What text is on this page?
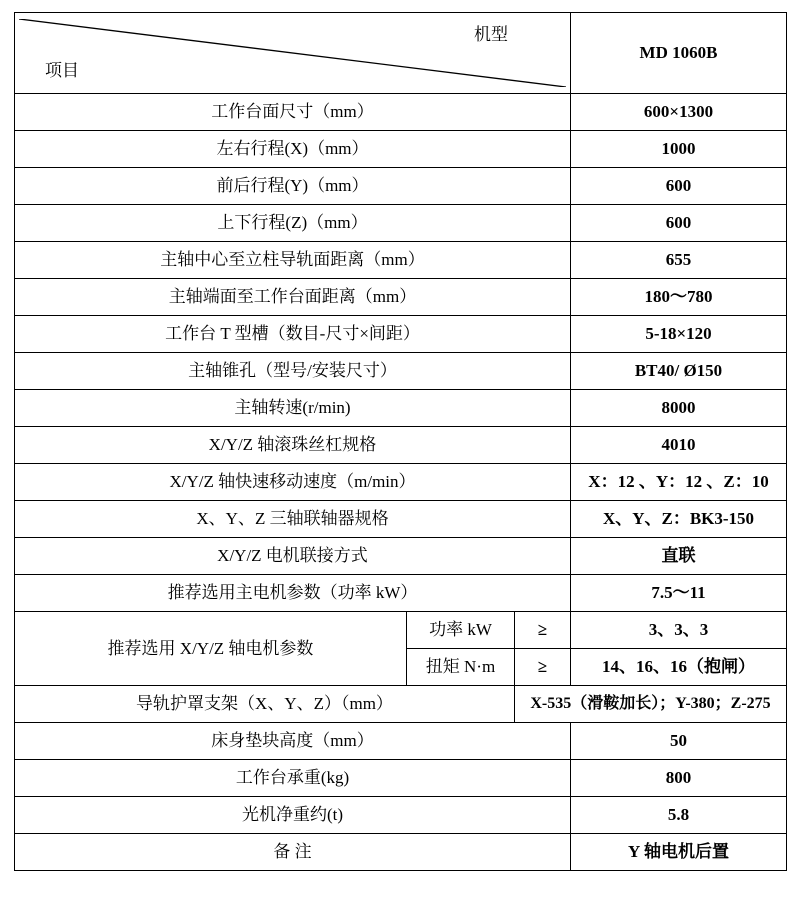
机型
项目			MD 1060B
工作台面尺寸（mm）			600×1300
左右行程(X)（mm）			1000
前后行程(Y)（mm）			600
上下行程(Z)（mm）			600
主轴中心至立柱导轨面距离（mm）			655
主轴端面至工作台面距离（mm）			180～780
工作台 T 型槽（数目-尺寸×间距）			5-18×120
主轴锥孔（型号/安装尺寸）			BT40/ Ø150
主轴转速(r/min)			8000
X/Y/Z 轴滚珠丝杠规格			4010
X/Y/Z 轴快速移动速度（m/min）			X：12 、Y：12 、Z：10
X、Y、Z 三轴联轴器规格			X、Y、Z：BK3-150
X/Y/Z 电机联接方式			直联
推荐选用主电机参数（功率 kW）			7.5～11
推荐选用 X/Y/Z 轴电机参数	功率 kW	≥	3、3、3
	扭矩 N·m	≥	14、16、16（抱闸）
导轨护罩支架（X、Y、Z）（mm）		X-535（滑鞍加长）；Y-380；Z-275	
床身垫块高度（mm）			50
工作台承重(kg)			800
光机净重约(t)			5.8
备 注			Y 轴电机后置
